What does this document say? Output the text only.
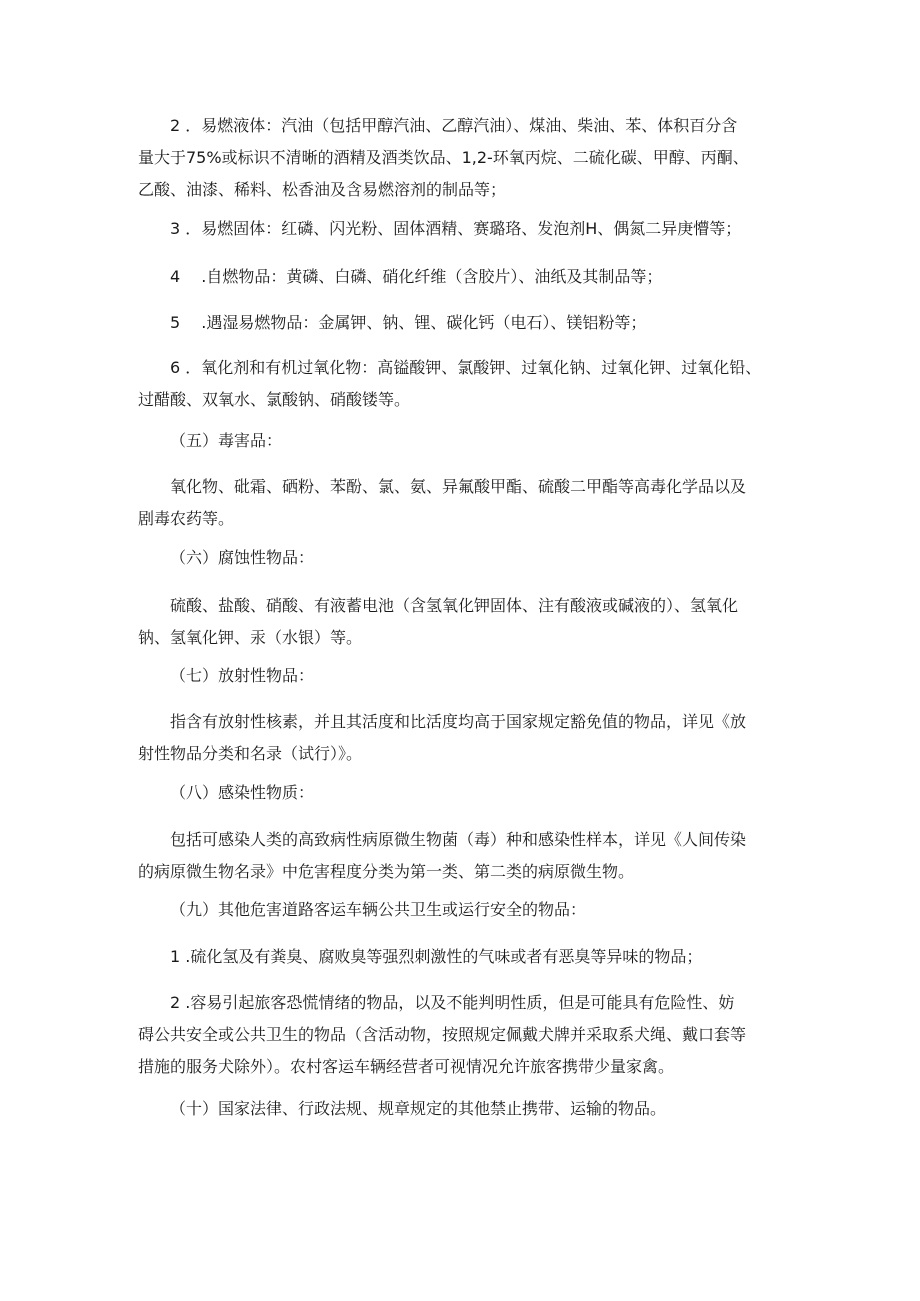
2 ．易燃液体：汽油（包括甲醇汽油、乙醇汽油）、煤油、柴油、苯、体积百分含
量大于75%或标识不清晰的酒精及酒类饮品、1,2-环氧丙烷、二硫化碳、甲醇、丙酮、
乙酸、油漆、稀料、松香油及含易燃溶剂的制品等；
3 ．易燃固体：红磷、闪光粉、固体酒精、赛璐珞、发泡剂H、偶氮二异庚懵等；
4 　.自燃物品：黄磷、白磷、硝化纤维（含胶片）、油纸及其制品等；
5 　.遇湿易燃物品：金属钾、钠、锂、碳化钙（电石）、镁铝粉等；
6 ．氧化剂和有机过氧化物：高镒酸钾、氯酸钾、过氧化钠、过氧化钾、过氧化铅、
过醋酸、双氧水、氯酸钠、硝酸镂等。
（五）毒害品：
氧化物、砒霜、硒粉、苯酚、氯、氨、异氟酸甲酯、硫酸二甲酯等高毒化学品以及
剧毒农药等。
（六）腐蚀性物品：
硫酸、盐酸、硝酸、有液蓄电池（含氢氧化钾固体、注有酸液或碱液的）、氢氧化
钠、氢氧化钾、汞（水银）等。
（七）放射性物品：
指含有放射性核素，并且其活度和比活度均高于国家规定豁免值的物品，详见《放
射性物品分类和名录（试行）》。
（八）感染性物质：
包括可感染人类的高致病性病原微生物菌（毒）种和感染性样本，详见《人间传染
的病原微生物名录》中危害程度分类为第一类、第二类的病原微生物。
（九）其他危害道路客运车辆公共卫生或运行安全的物品：
1 .硫化氢及有粪臭、腐败臭等强烈刺激性的气味或者有恶臭等异味的物品；
2 .容易引起旅客恐慌情绪的物品，以及不能判明性质，但是可能具有危险性、妨
碍公共安全或公共卫生的物品（含活动物，按照规定佩戴犬牌并采取系犬绳、戴口套等
措施的服务犬除外）。农村客运车辆经营者可视情况允许旅客携带少量家禽。
（十）国家法律、行政法规、规章规定的其他禁止携带、运输的物品。
